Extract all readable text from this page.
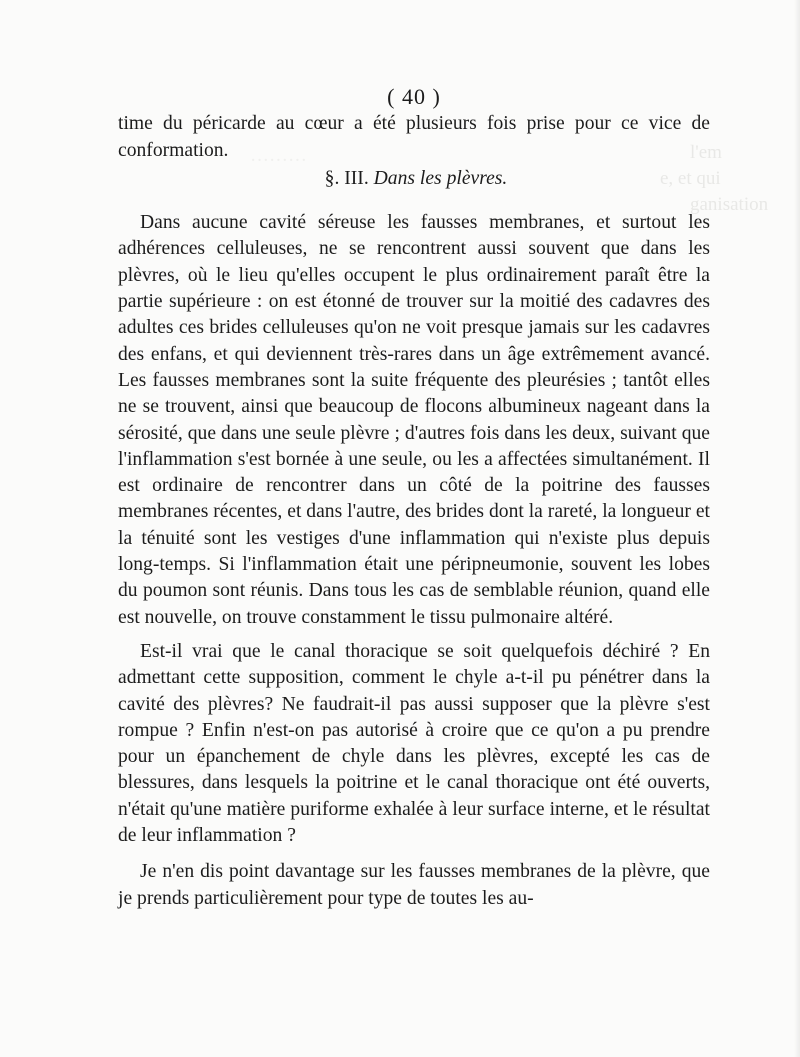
l'em
e, et qui
ganisation
·········
( 40 )

time du péricarde au cœur a été plusieurs fois prise pour ce vice de conformation.

§. III. Dans les plèvres.

Dans aucune cavité séreuse les fausses membranes, et surtout les adhérences celluleuses, ne se rencontrent aussi souvent que dans les plèvres, où le lieu qu'elles occupent le plus ordinairement paraît être la partie supérieure : on est étonné de trouver sur la moitié des cadavres des adultes ces brides celluleuses qu'on ne voit presque jamais sur les cadavres des enfans, et qui deviennent très-rares dans un âge extrêmement avancé. Les fausses membranes sont la suite fréquente des pleurésies ; tantôt elles ne se trouvent, ainsi que beaucoup de flocons albumineux nageant dans la sérosité, que dans une seule plèvre ; d'autres fois dans les deux, suivant que l'inflammation s'est bornée à une seule, ou les a affectées simultanément. Il est ordinaire de rencontrer dans un côté de la poitrine des fausses membranes récentes, et dans l'autre, des brides dont la rareté, la longueur et la ténuité sont les vestiges d'une inflammation qui n'existe plus depuis long-temps. Si l'inflammation était une péripneumonie, souvent les lobes du poumon sont réunis. Dans tous les cas de semblable réunion, quand elle est nouvelle, on trouve constamment le tissu pulmonaire altéré.

Est-il vrai que le canal thoracique se soit quelquefois déchiré ? En admettant cette supposition, comment le chyle a-t-il pu pénétrer dans la cavité des plèvres? Ne faudrait-il pas aussi supposer que la plèvre s'est rompue ? Enfin n'est-on pas autorisé à croire que ce qu'on a pu prendre pour un épanchement de chyle dans les plèvres, excepté les cas de blessures, dans lesquels la poitrine et le canal thoracique ont été ouverts, n'était qu'une matière puriforme exhalée à leur surface interne, et le résultat de leur inflammation ?

Je n'en dis point davantage sur les fausses membranes de la plèvre, que je prends particulièrement pour type de toutes les au-
